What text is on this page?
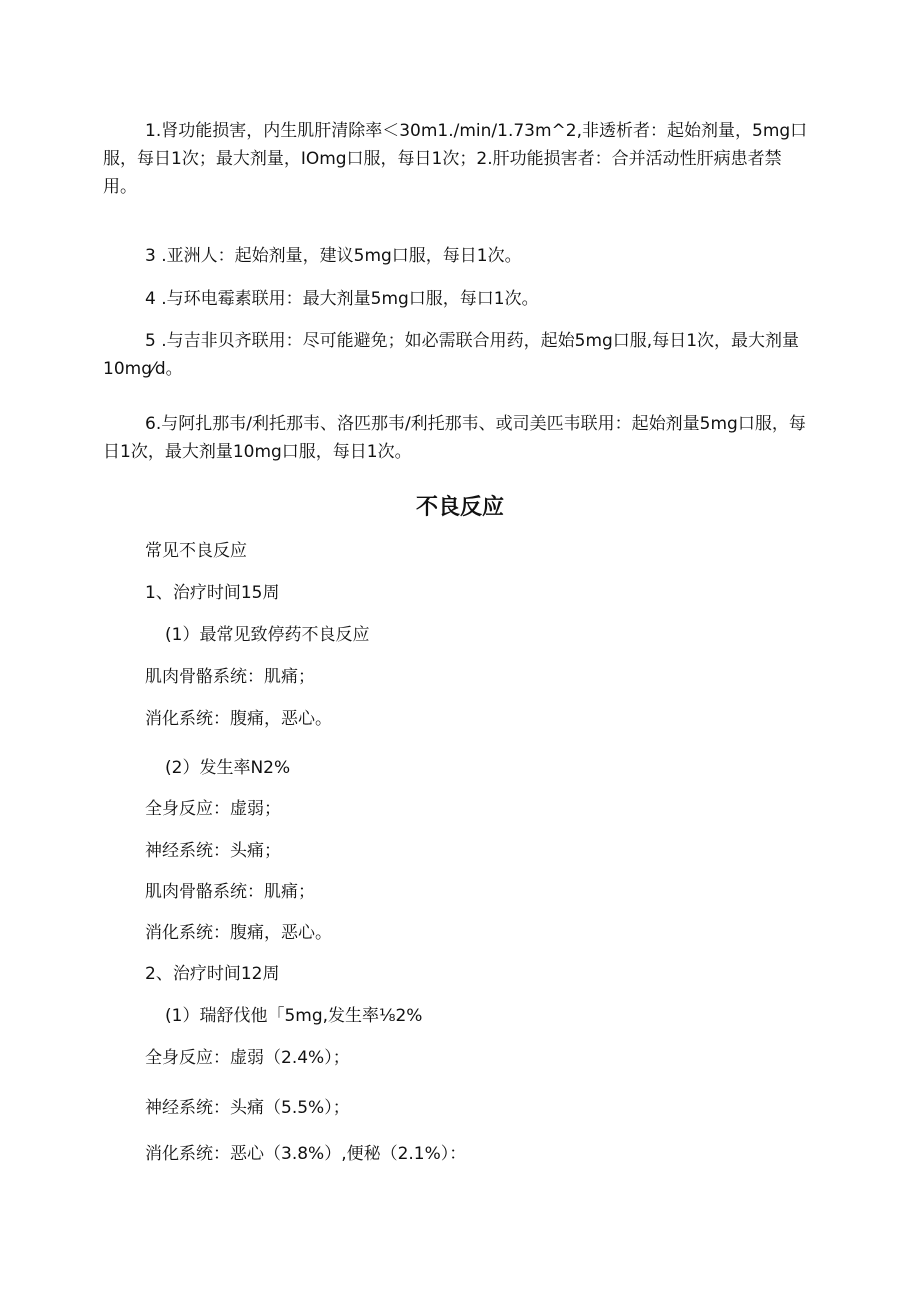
1.肾功能损害，内生肌肝清除率＜30m1./min/1.73m^2,非透析者：起始剂量，5mg口服，每日1次；最大剂量，IOmg口服，每日1次；2.肝功能损害者：合并活动性肝病患者禁用。

3 .亚洲人：起始剂量，建议5mg口服，每日1次。

4 .与环电霉素联用：最大剂量5mg口服，每口1次。

5 .与吉非贝齐联用：尽可能避免；如必需联合用药，起始5mg口服,每日1次，最大剂量10mg⁄d。

6.与阿扎那韦/利托那韦、洛匹那韦/利托那韦、或司美匹韦联用：起始剂量5mg口服，每日1次，最大剂量10mg口服，每日1次。

不良反应

常见不良反应

1、治疗时间15周

(1）最常见致停药不良反应

肌肉骨骼系统：肌痛；

消化系统：腹痛，恶心。

(2）发生率N2%

全身反应：虚弱；

神经系统：头痛；

肌肉骨骼系统：肌痛；

消化系统：腹痛，恶心。

2、治疗时间12周

(1）瑞舒伐他「5mg,发生率⅛2%

全身反应：虚弱（2.4%）；

神经系统：头痛（5.5%）；

消化系统：恶心（3.8%）,便秘（2.1%）：
